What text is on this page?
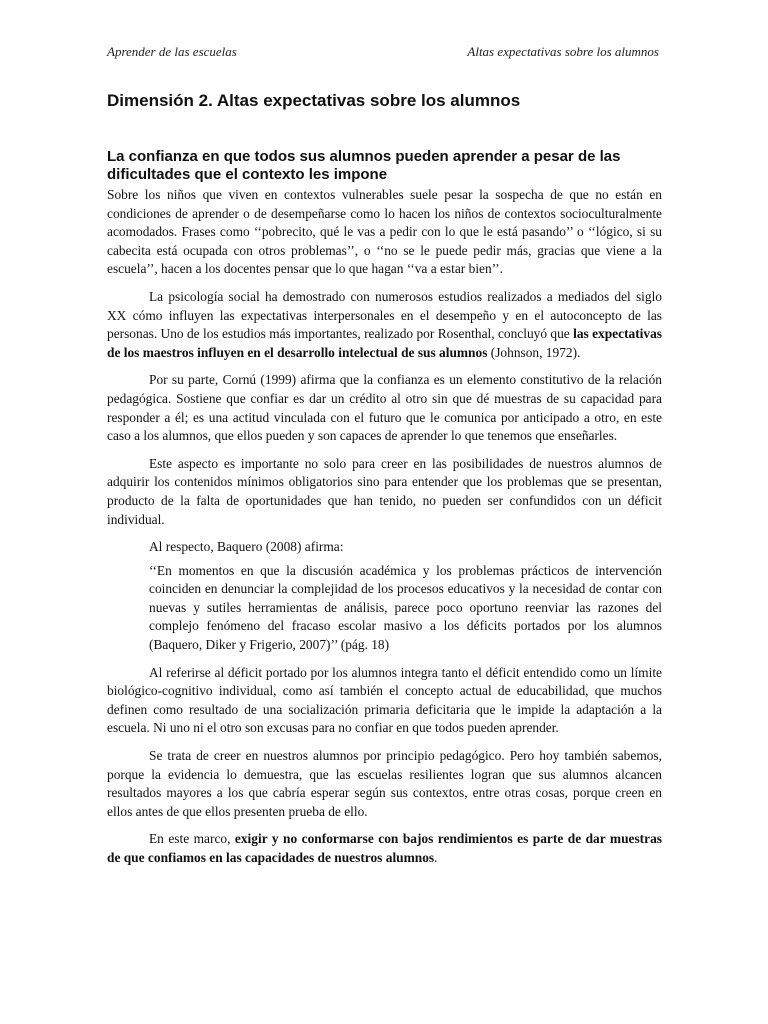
Aprender de las escuelas	Altas expectativas sobre los alumnos
Dimensión 2. Altas expectativas sobre los alumnos
La confianza en que todos sus alumnos pueden aprender a pesar de las dificultades que el contexto les impone

Sobre los niños que viven en contextos vulnerables suele pesar la sospecha de que no están en condiciones de aprender o de desempeñarse como lo hacen los niños de contextos socioculturalmente acomodados. Frases como ‘‘pobrecito, qué le vas a pedir con lo que le está pasando’’ o ‘‘lógico, si su cabecita está ocupada con otros problemas’’, o ‘‘no se le puede pedir más, gracias que viene a la escuela’’, hacen a los docentes pensar que lo que hagan ‘‘va a estar bien’’.

La psicología social ha demostrado con numerosos estudios realizados a mediados del siglo XX cómo influyen las expectativas interpersonales en el desempeño y en el autoconcepto de las personas. Uno de los estudios más importantes, realizado por Rosenthal, concluyó que las expectativas de los maestros influyen en el desarrollo intelectual de sus alumnos (Johnson, 1972).

Por su parte, Cornú (1999) afirma que la confianza es un elemento constitutivo de la relación pedagógica. Sostiene que confiar es dar un crédito al otro sin que dé muestras de su capacidad para responder a él; es una actitud vinculada con el futuro que le comunica por anticipado a otro, en este caso a los alumnos, que ellos pueden y son capaces de aprender lo que tenemos que enseñarles.

Este aspecto es importante no solo para creer en las posibilidades de nuestros alumnos de adquirir los contenidos mínimos obligatorios sino para entender que los problemas que se presentan, producto de la falta de oportunidades que han tenido, no pueden ser confundidos con un déficit individual.

Al respecto, Baquero (2008) afirma:

‘‘En momentos en que la discusión académica y los problemas prácticos de intervención coinciden en denunciar la complejidad de los procesos educativos y la necesidad de contar con nuevas y sutiles herramientas de análisis, parece poco oportuno reenviar las razones del complejo fenómeno del fracaso escolar masivo a los déficits portados por los alumnos (Baquero, Diker y Frigerio, 2007)’’ (pág. 18)

Al referirse al déficit portado por los alumnos integra tanto el déficit entendido como un límite biológico-cognitivo individual, como así también el concepto actual de educabilidad, que muchos definen como resultado de una socialización primaria deficitaria que le impide la adaptación a la escuela. Ni uno ni el otro son excusas para no confiar en que todos pueden aprender.

Se trata de creer en nuestros alumnos por principio pedagógico. Pero hoy también sabemos, porque la evidencia lo demuestra, que las escuelas resilientes logran que sus alumnos alcancen resultados mayores a los que cabría esperar según sus contextos, entre otras cosas, porque creen en ellos antes de que ellos presenten prueba de ello.

En este marco, exigir y no conformarse con bajos rendimientos es parte de dar muestras de que confiamos en las capacidades de nuestros alumnos.
